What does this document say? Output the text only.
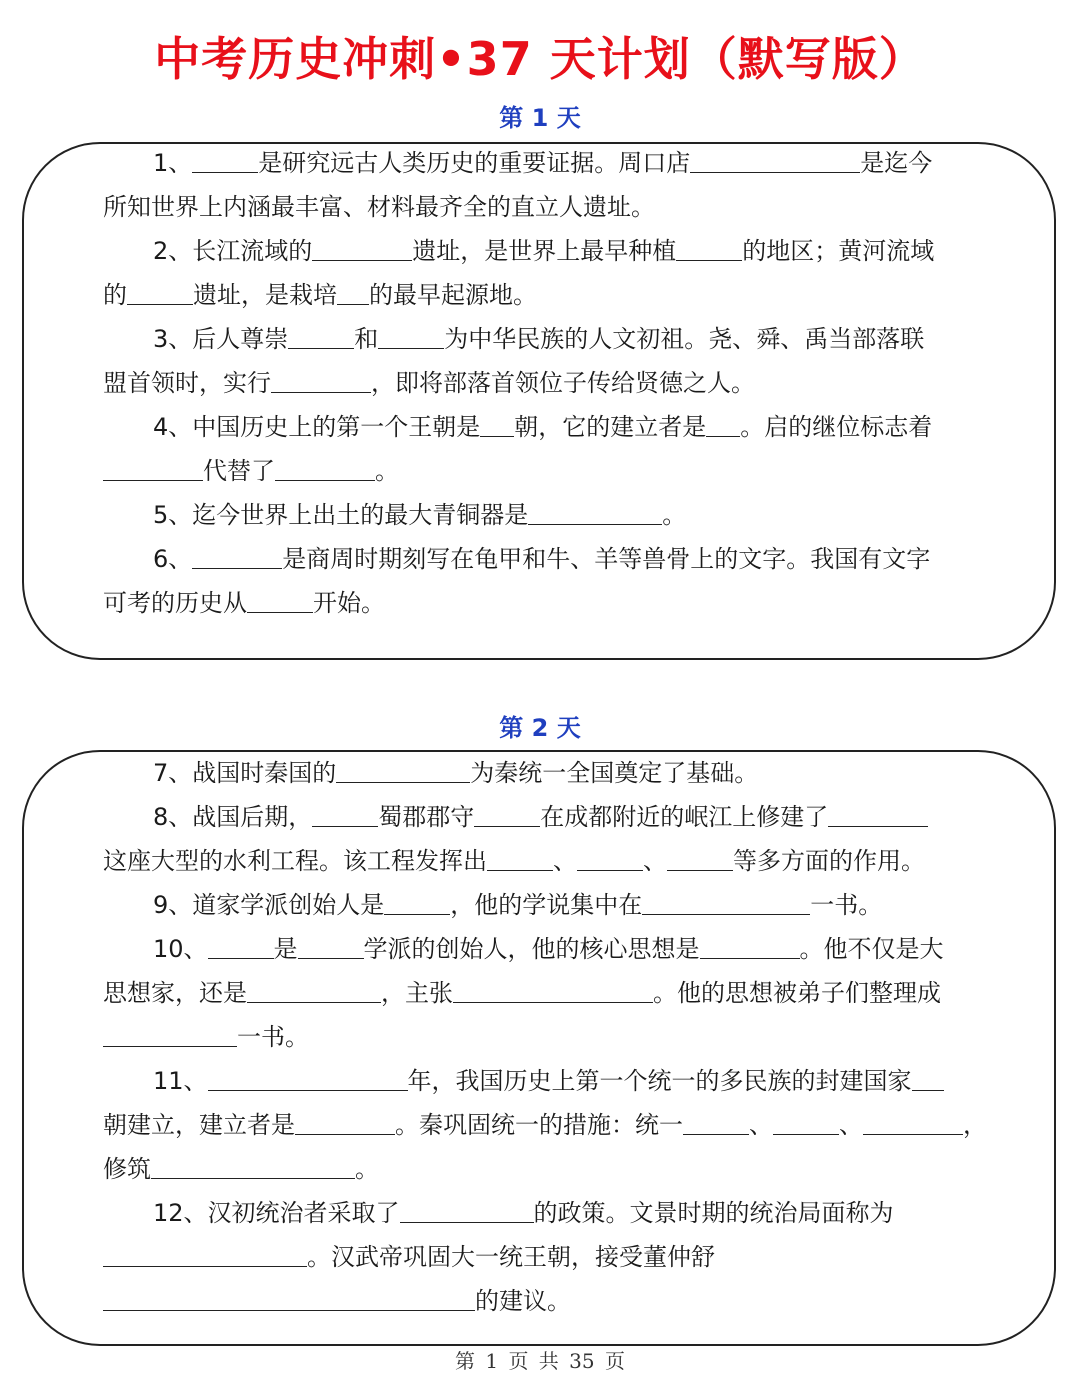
中考历史冲刺•37 天计划（默写版）
第 1 天
1、	是研究远古人类历史的重要证据。周口店	是迄今
所知世界上内涵最丰富、材料最齐全的直立人遗址。
2、长江流域的	遗址，是世界上最早种植	的地区；黄河流域
的	遗址，是栽培 的最早起源地。
3、后人尊崇	和	为中华民族的人文初祖。尧、舜、禹当部落联
盟首领时，实行	，即将部落首领位子传给贤德之人。
4、中国历史上的第一个王朝是 朝，它的建立者是 。启的继位标志着
代替了	。
5、迄今世界上出土的最大青铜器是	。
6、	是商周时期刻写在龟甲和牛、羊等兽骨上的文字。我国有文字
可考的历史从	开始。
第 2 天
7、战国时秦国的	为秦统一全国奠定了基础。
8、战国后期，	蜀郡郡守	在成都附近的岷江上修建了
这座大型的水利工程。该工程发挥出	、	、	等多方面的作用。
9、道家学派创始人是	，他的学说集中在	一书。
10、	是	学派的创始人，他的核心思想是	。他不仅是大
思想家，还是	，主张	。他的思想被弟子们整理成
一书。
11、	年，我国历史上第一个统一的多民族的封建国家
朝建立，建立者是	。秦巩固统一的措施：统一	、	、	，
修筑	。
12、汉初统治者采取了	的政策。文景时期的统治局面称为
。汉武帝巩固大一统王朝，接受董仲舒
的建议。
第 1 页 共 35 页
